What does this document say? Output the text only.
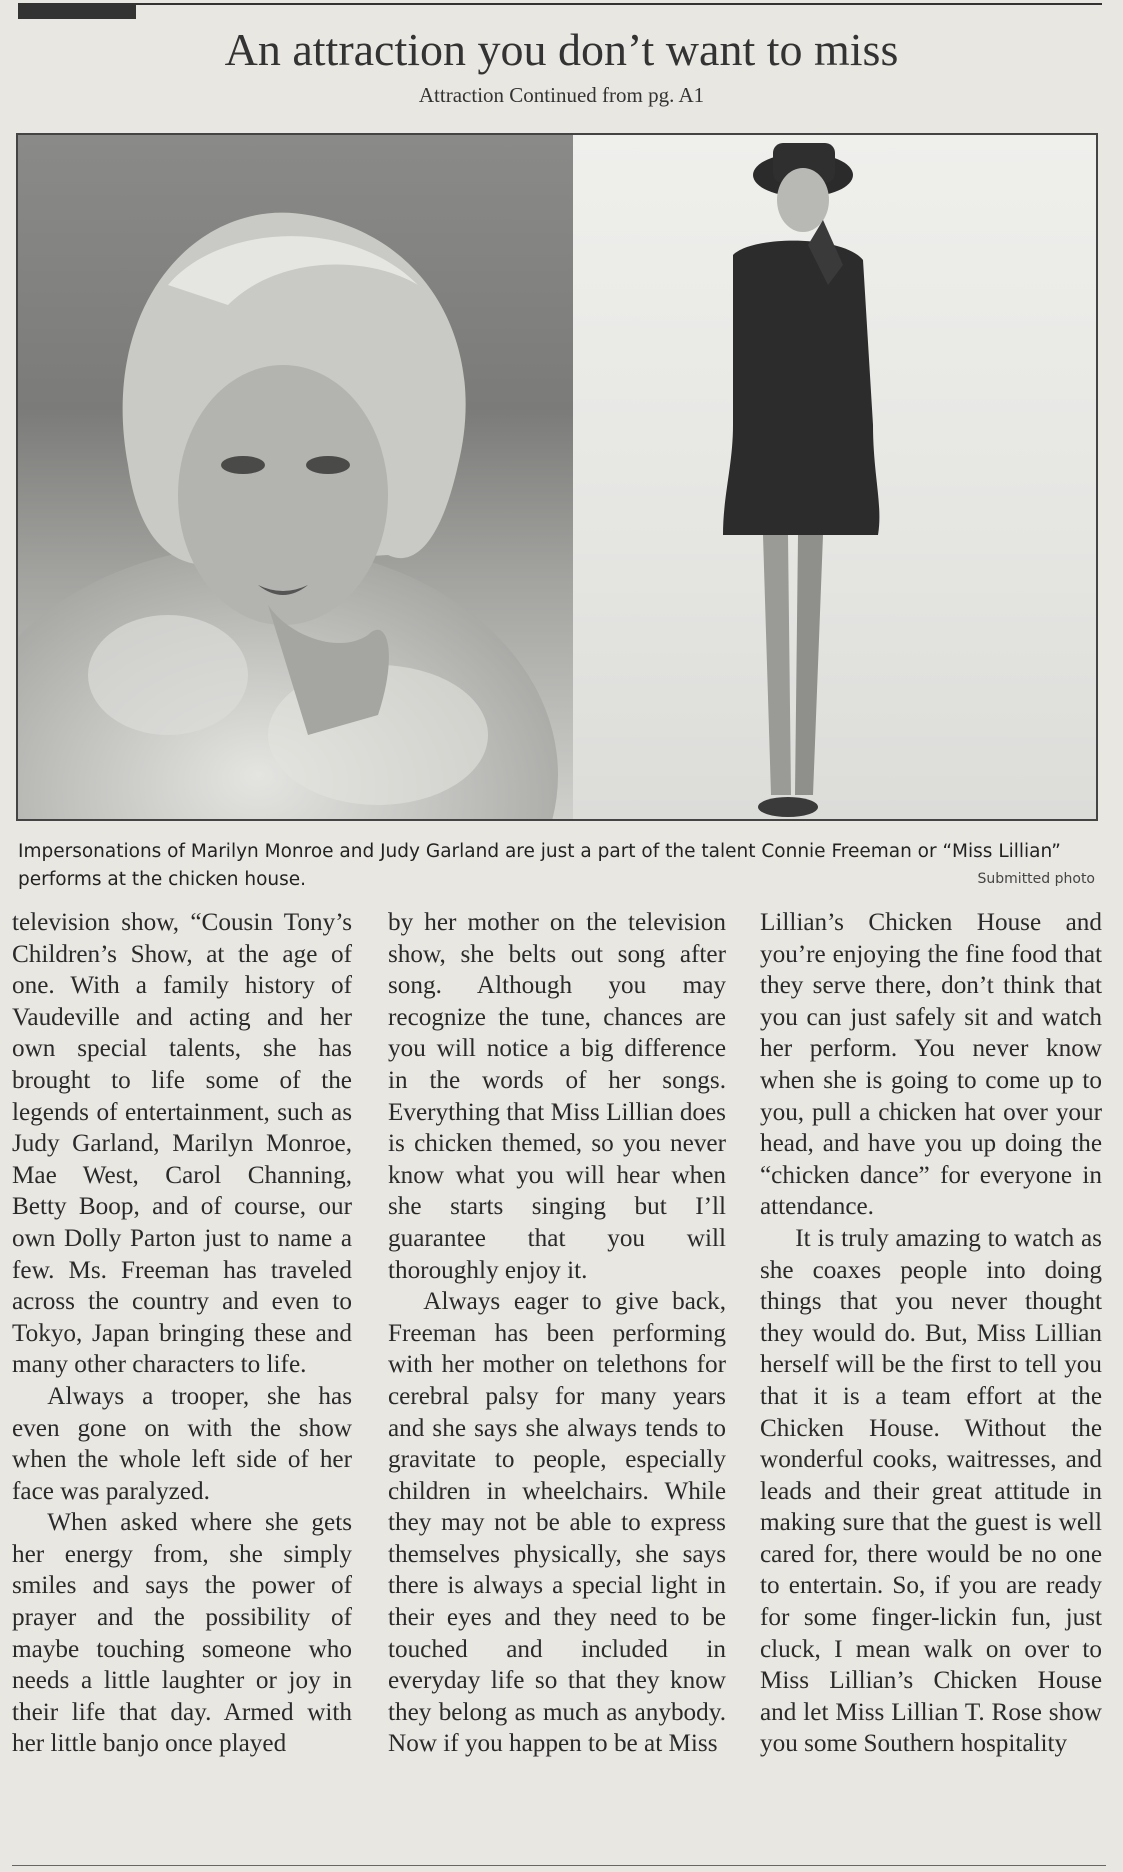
An attraction you don’t want to miss
Attraction Continued from pg. A1
Impersonations of Marilyn Monroe and Judy Garland are just a part of the talent Connie Freeman or “Miss Lillian” performs at the chicken house.	Submitted photo

television show, “Cousin Tony’s Children’s Show, at the age of one. With a family history of Vaudeville and acting and her own special talents, she has brought to life some of the legends of entertainment, such as Judy Garland, Marilyn Monroe, Mae West, Carol Channing, Betty Boop, and of course, our own Dolly Parton just to name a few. Ms. Freeman has traveled across the country and even to Tokyo, Japan bringing these and many other characters to life.

Always a trooper, she has even gone on with the show when the whole left side of her face was paralyzed.

When asked where she gets her energy from, she simply smiles and says the power of prayer and the possibility of maybe touching someone who needs a little laughter or joy in their life that day. Armed with her little banjo once played

by her mother on the television show, she belts out song after song. Although you may recognize the tune, chances are you will notice a big difference in the words of her songs. Everything that Miss Lillian does is chicken themed, so you never know what you will hear when she starts singing but I’ll guarantee that you will thoroughly enjoy it.

Always eager to give back, Freeman has been performing with her mother on telethons for cerebral palsy for many years and she says she always tends to gravitate to people, especially children in wheelchairs. While they may not be able to express themselves physically, she says there is always a special light in their eyes and they need to be touched and included in everyday life so that they know they belong as much as anybody. Now if you happen to be at Miss

Lillian’s Chicken House and you’re enjoying the fine food that they serve there, don’t think that you can just safely sit and watch her perform. You never know when she is going to come up to you, pull a chicken hat over your head, and have you up doing the “chicken dance” for everyone in attendance.

It is truly amazing to watch as she coaxes people into doing things that you never thought they would do. But, Miss Lillian herself will be the first to tell you that it is a team effort at the Chicken House. Without the wonderful cooks, waitresses, and leads and their great attitude in making sure that the guest is well cared for, there would be no one to entertain. So, if you are ready for some finger-lickin fun, just cluck, I mean walk on over to Miss Lillian’s Chicken House and let Miss Lillian T. Rose show you some Southern hospitality
